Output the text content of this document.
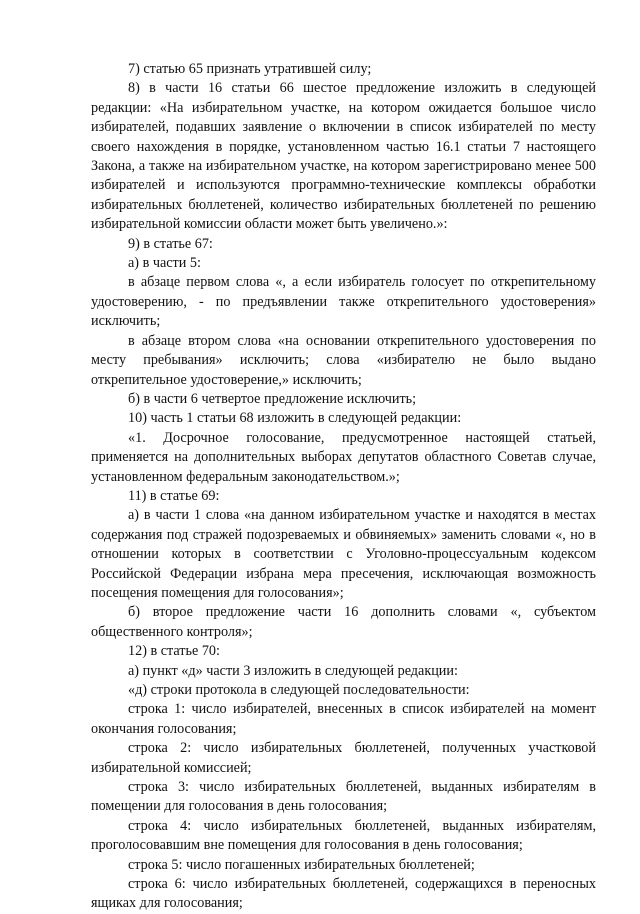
7) статью 65 признать утратившей силу;

8) в части 16 статьи 66 шестое предложение изложить в следующей редакции: «На избирательном участке, на котором ожидается большое число избирателей, подавших заявление о включении в список избирателей по месту своего нахождения в порядке, установленном частью 16.1 статьи 7 настоящего Закона, а также на избирательном участке, на котором зарегистрировано менее 500 избирателей и используются программно-технические комплексы обработки избирательных бюллетеней, количество избирательных бюллетеней по решению избирательной комиссии области может быть увеличено.»:

9) в статье 67:

а) в части 5:

в абзаце первом слова «, а если избиратель голосует по открепительному удостоверению, - по предъявлении также открепительного удостоверения» исключить;

в абзаце втором слова «на основании открепительного удостоверения по месту пребывания» исключить; слова «избирателю не было выдано открепительное удостоверение,» исключить;

б) в части 6 четвертое предложение исключить;

10) часть 1 статьи 68 изложить в следующей редакции:

«1. Досрочное голосование, предусмотренное настоящей статьей, применяется на дополнительных выборах депутатов областного Советав случае, установленном федеральным законодательством.»;

11) в статье 69:

а) в части 1 слова «на данном избирательном участке и находятся в местах содержания под стражей подозреваемых и обвиняемых» заменить словами «, но в отношении которых в соответствии с Уголовно-процессуальным кодексом Российской Федерации избрана мера пресечения, исключающая возможность посещения помещения для голосования»;

б) второе предложение части 16 дополнить словами «, субъектом общественного контроля»;

12) в статье 70:

а) пункт «д» части 3 изложить в следующей редакции:

«д) строки протокола в следующей последовательности:

строка 1: число избирателей, внесенных в список избирателей на момент окончания голосования;

строка 2: число избирательных бюллетеней, полученных участковой избирательной комиссией;

строка 3: число избирательных бюллетеней, выданных избирателям в помещении для голосования в день голосования;

строка 4: число избирательных бюллетеней, выданных избирателям, проголосовавшим вне помещения для голосования в день голосования;

строка 5: число погашенных избирательных бюллетеней;

строка 6: число избирательных бюллетеней, содержащихся в переносных ящиках для голосования;
